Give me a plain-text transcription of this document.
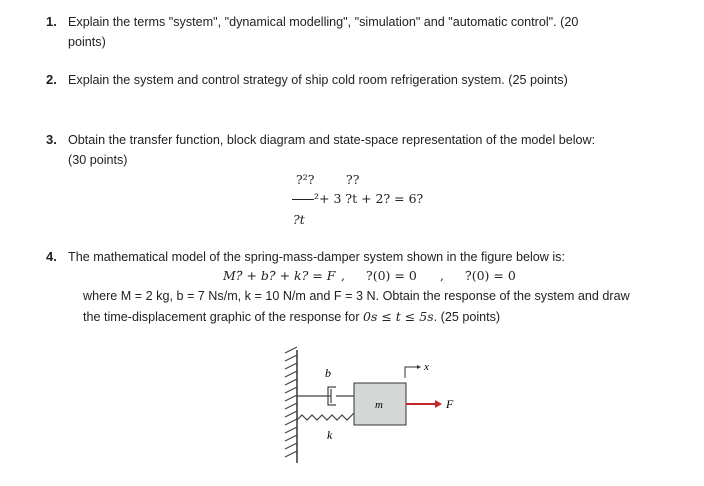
1. Explain the terms "system", "dynamical modelling", "simulation" and "automatic control". (20
points)
2. Explain the system and control strategy of ship cold room refrigeration system. (25 points)
3. Obtain the transfer function, block diagram and state-space representation of the model below:
(30 points)
?²?	??
²+ 3 ?t + 2? = 6?
?t
4. The mathematical model of the spring-mass-damper system shown in the figure below is:
M?̈ + b?̇ + k? = F , ?(0) = 0 , ?̇(0) = 0
where M = 2 kg, b = 7 Ns/m, k = 10 N/m and F = 3 N. Obtain the response of the system and draw
the time-displacement graphic of the response for 0s ≤ t ≤ 5s. (25 points)
b
k
m	F
x
